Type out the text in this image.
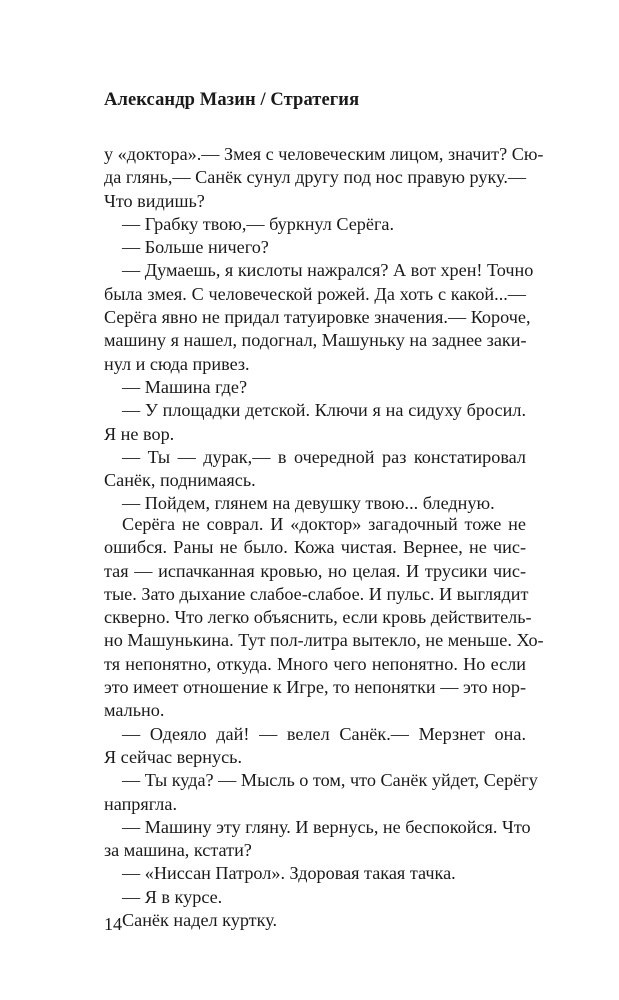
Александр Мазин / Стратегия
у «доктора».— Змея с человеческим лицом, значит? Сю-
да глянь,— Санёк сунул другу под нос правую руку.—
Что видишь?
— Грабку твою,— буркнул Серёга.
— Больше ничего?
— Думаешь, я кислоты нажрался? А вот хрен! Точно
была змея. С человеческой рожей. Да хоть с какой...—
Серёга явно не придал татуировке значения.— Короче,
машину я нашел, подогнал, Машуньку на заднее заки-
нул и сюда привез.
— Машина где?
— У площадки детской. Ключи я на сидуху бросил.
Я не вор.
— Ты — дурак,— в очередной раз констатировал
Санёк, поднимаясь.
— Пойдем, глянем на девушку твою... бледную.
Серёга не соврал. И «доктор» загадочный тоже не
ошибся. Раны не было. Кожа чистая. Вернее, не чис-
тая — испачканная кровью, но целая. И трусики чис-
тые. Зато дыхание слабое-слабое. И пульс. И выглядит
скверно. Что легко объяснить, если кровь действитель-
но Машунькина. Тут пол-литра вытекло, не меньше. Хо-
тя непонятно, откуда. Много чего непонятно. Но если
это имеет отношение к Игре, то непонятки — это нор-
мально.
— Одеяло дай! — велел Санёк.— Мерзнет она.
Я сейчас вернусь.
— Ты куда? — Мысль о том, что Санёк уйдет, Серёгу
напрягла.
— Машину эту гляну. И вернусь, не беспокойся. Что
за машина, кстати?
— «Ниссан Патрол». Здоровая такая тачка.
— Я в курсе.
Санёк надел куртку.
14
